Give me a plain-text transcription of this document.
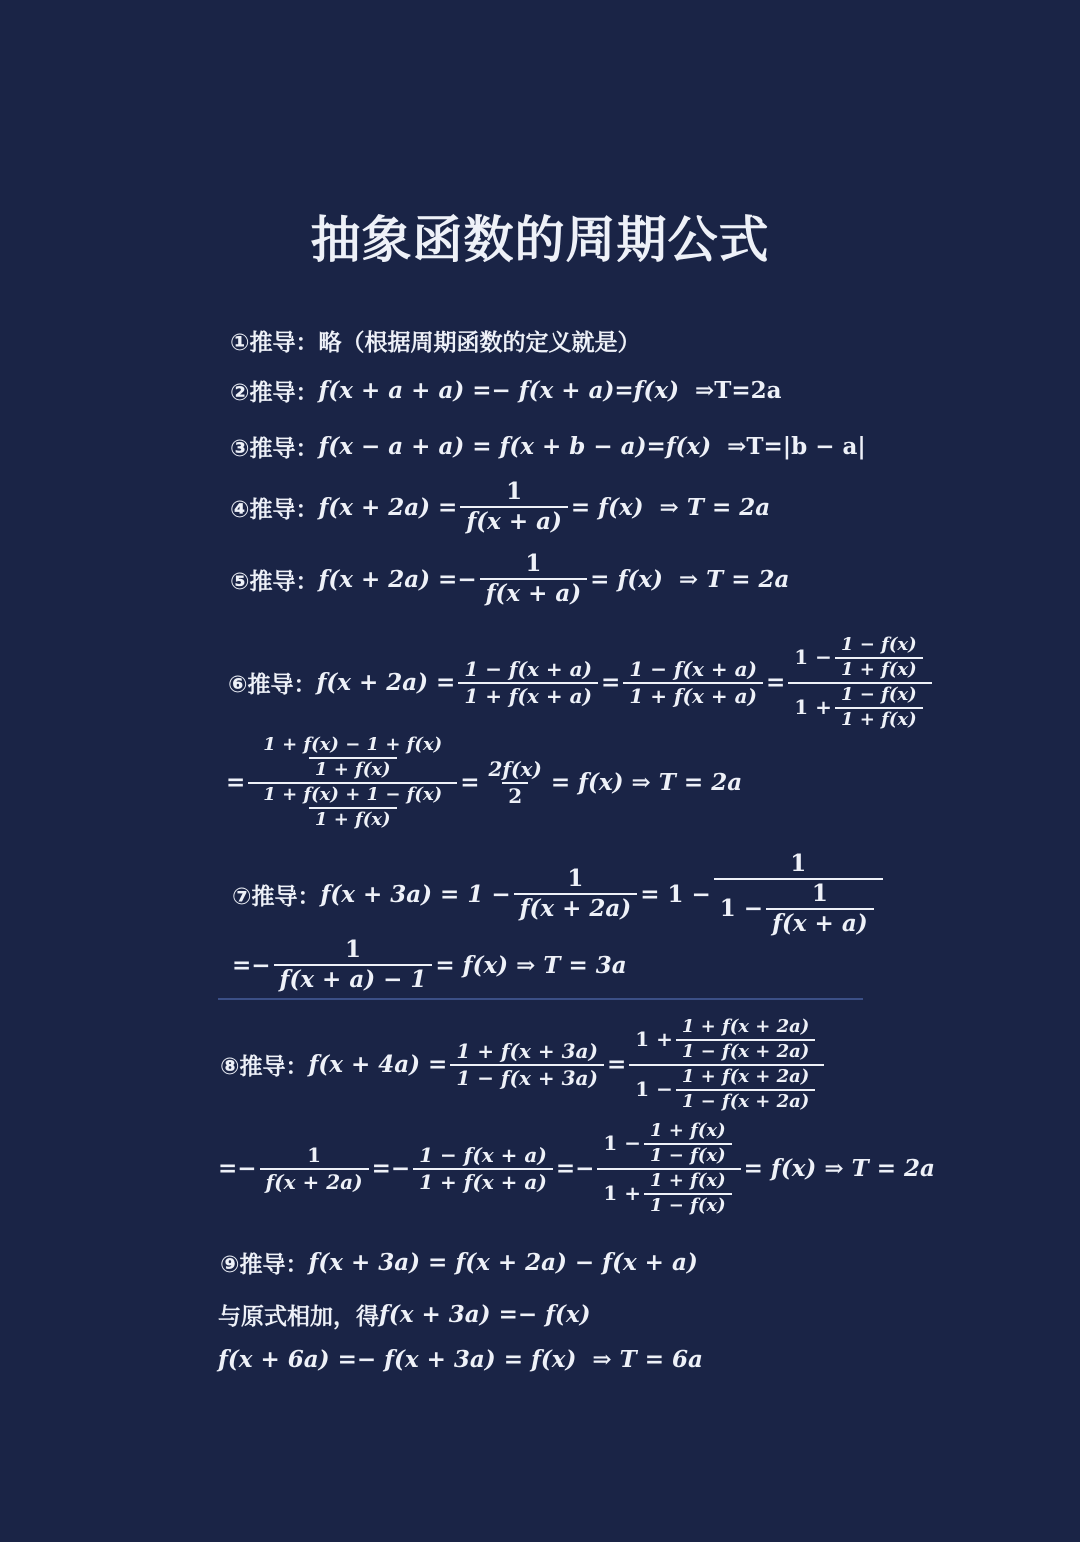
抽象函数的周期公式
①推导：略（根据周期函数的定义就是）
②推导： f(x + a + a) =− f(x + a)=f(x) ⇒T=2a
③推导： f(x − a + a) = f(x + b − a)=f(x) ⇒T=|b − a|
④推导： $f(x + 2a) = \frac{1}{f(x + a)} = f(x)$ ⇒ T = 2a
⑤推导： $f(x + 2a) =- \frac{1}{f(x + a)} = f(x)$ ⇒ T = 2a
⑥推导： $f(x + 2a) = \frac{1 - f(x + a)}{1 + f(x + a)} = \frac{1 - f(x + a)}{1 + f(x + a)} = \frac{1 - \frac{1 - f(x)}{1 + f(x)}}{1 + \frac{1 - f(x)}{1 + f(x)}}$
= $\frac{\frac{1 + f(x) - 1 + f(x)}{1 + f(x)}}{\frac{1 + f(x) + 1 - f(x)}{1 + f(x)}} = \frac{2f(x)}{2} = f(x)$ ⇒ T = 2a
⑦推导： $f(x + 3a) = 1 - \frac{1}{f(x + 2a)} = 1 - \frac{1}{1 - \frac{1}{f(x + a)}}$
=− $\frac{1}{f(x + a) - 1} = f(x)$ ⇒ T = 3a
⑧推导： $f(x + 4a) = \frac{1 + f(x + 3a)}{1 - f(x + 3a)}$ =
$1 + \frac{1 + f(x + 2a)}{1 - f(x + 2a)}$
$1 - \frac{1 + f(x + 2a)}{1 - f(x + 2a)}$
=− $\frac{1}{f(x + 2a)} =- \frac{1 - f(x + a)}{1 + f(x + a)} =- \frac{1 - \frac{1 + f(x)}{1 - f(x)}}{1 + \frac{1 + f(x)}{1 - f(x)}} = f(x)$ ⇒ T = 2a
⑨推导： f(x + 3a) = f(x + 2a) − f(x + a)
与原式相加，得 f(x + 3a) =− f(x)
f(x + 6a) =− f(x + 3a) = f(x) ⇒ T = 6a
